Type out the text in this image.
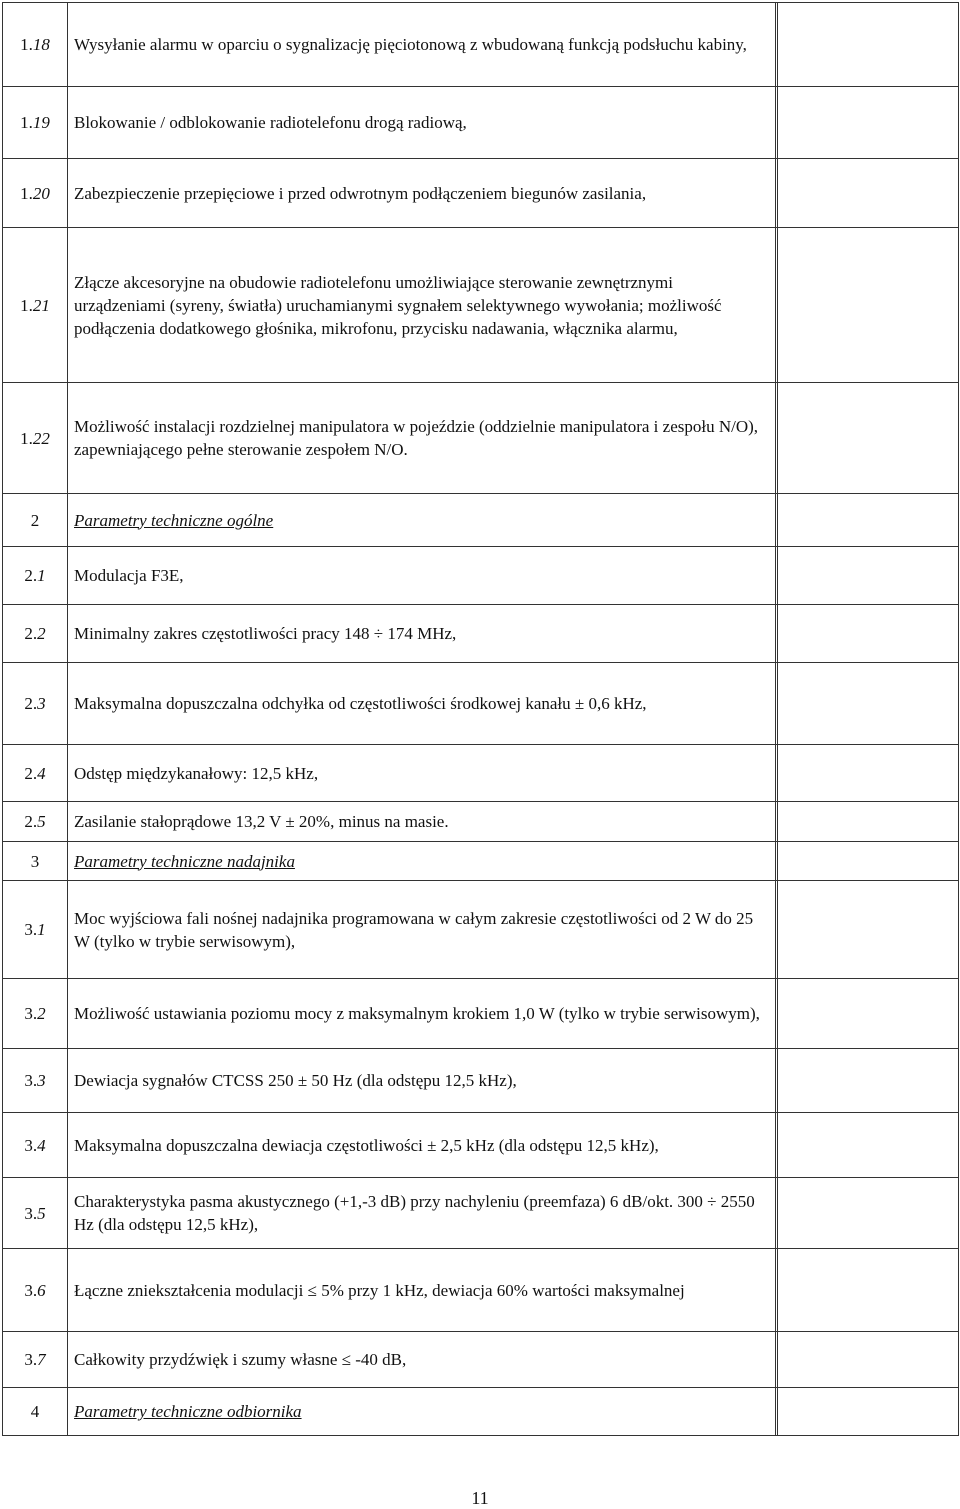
1.18	Wysyłanie alarmu w oparciu o sygnalizację pięciotonową z wbudowaną funkcją podsłuchu kabiny,		
1.19	Blokowanie / odblokowanie radiotelefonu drogą radiową,		
1.20	Zabezpieczenie przepięciowe i przed odwrotnym podłączeniem biegunów zasilania,		
1.21	Złącze akcesoryjne na obudowie radiotelefonu umożliwiające sterowanie zewnętrznymi urządzeniami (syreny, światła) uruchamianymi sygnałem selektywnego wywołania; możliwość podłączenia dodatkowego głośnika, mikrofonu, przycisku nadawania, włącznika alarmu,		
1.22	Możliwość instalacji rozdzielnej manipulatora w pojeździe (oddzielnie manipulatora i zespołu N/O), zapewniającego pełne sterowanie zespołem N/O.		
2	Parametry techniczne ogólne		
2.1	Modulacja F3E,		
2.2	Minimalny zakres częstotliwości pracy 148 ÷ 174 MHz,		
2.3	Maksymalna dopuszczalna odchyłka od częstotliwości środkowej kanału ± 0,6 kHz,		
2.4	Odstęp międzykanałowy: 12,5 kHz,		
2.5	Zasilanie stałoprądowe 13,2 V ± 20%, minus na masie.		
3	Parametry techniczne nadajnika		
3.1	Moc wyjściowa fali nośnej nadajnika programowana w całym zakresie częstotliwości od 2 W do 25 W (tylko w trybie serwisowym),		
3.2	Możliwość ustawiania poziomu mocy z maksymalnym krokiem 1,0 W (tylko w trybie serwisowym),		
3.3	Dewiacja sygnałów CTCSS 250 ± 50 Hz (dla odstępu 12,5 kHz),		
3.4	Maksymalna dopuszczalna dewiacja częstotliwości ± 2,5 kHz (dla odstępu 12,5 kHz),		
3.5	Charakterystyka pasma akustycznego (+1,-3 dB) przy nachyleniu (preemfaza) 6 dB/okt. 300 ÷ 2550 Hz (dla odstępu 12,5 kHz),		
3.6	Łączne zniekształcenia modulacji ≤ 5% przy 1 kHz, dewiacja 60% wartości maksymalnej		
3.7	Całkowity przydźwięk i szumy własne ≤ -40 dB,		
4	Parametry techniczne odbiornika		
11
